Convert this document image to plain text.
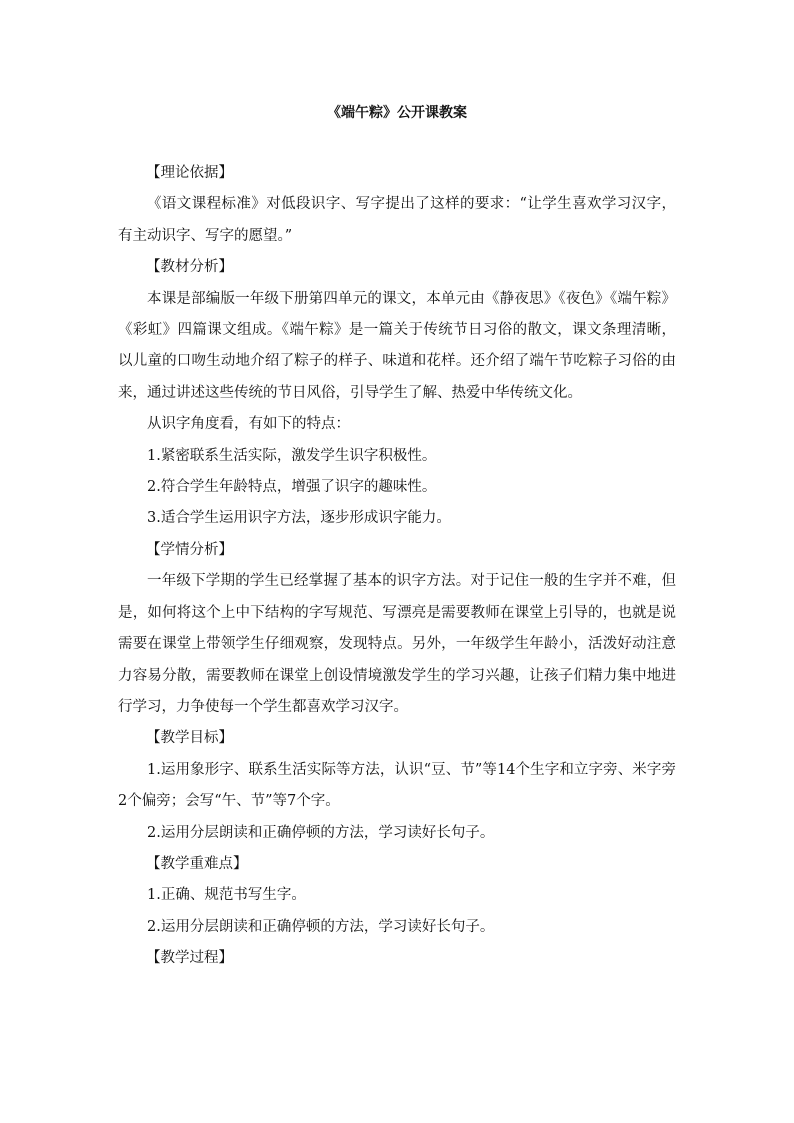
《端午粽》公开课教案
【理论依据】
《语文课程标准》对低段识字、写字提出了这样的要求：“让学生喜欢学习汉字，有主动识字、写字的愿望。”
【教材分析】
本课是部编版一年级下册第四单元的课文，本单元由《静夜思》《夜色》《端午粽》《彩虹》四篇课文组成。《端午粽》是一篇关于传统节日习俗的散文，课文条理清晰，以儿童的口吻生动地介绍了粽子的样子、味道和花样。还介绍了端午节吃粽子习俗的由来，通过讲述这些传统的节日风俗，引导学生了解、热爱中华传统文化。
从识字角度看，有如下的特点：
1.紧密联系生活实际，激发学生识字积极性。
2.符合学生年龄特点，增强了识字的趣味性。
3.适合学生运用识字方法，逐步形成识字能力。
【学情分析】
一年级下学期的学生已经掌握了基本的识字方法。对于记住一般的生字并不难，但是，如何将这个上中下结构的字写规范、写漂亮是需要教师在课堂上引导的，也就是说需要在课堂上带领学生仔细观察，发现特点。另外，一年级学生年龄小，活泼好动注意力容易分散，需要教师在课堂上创设情境激发学生的学习兴趣，让孩子们精力集中地进行学习，力争使每一个学生都喜欢学习汉字。
【教学目标】
1.运用象形字、联系生活实际等方法，认识“豆、节”等14个生字和立字旁、米字旁2个偏旁；会写“午、节”等7个字。
2.运用分层朗读和正确停顿的方法，学习读好长句子。
【教学重难点】
1.正确、规范书写生字。
2.运用分层朗读和正确停顿的方法，学习读好长句子。
【教学过程】
